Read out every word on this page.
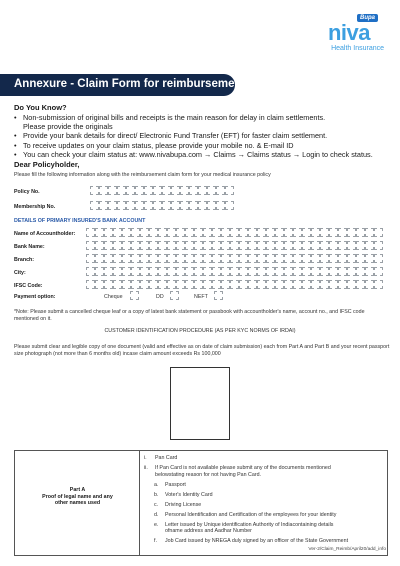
Bupa
niva
Health Insurance
Annexure - Claim Form for reimbursement
Do You Know?
• Non-submission of original bills and receipts is the main reason for delay in claim settlements.
Please provide the originals
• Provide your bank details for direct/ Electronic Fund Transfer (EFT) for faster claim settlement.
• To receive updates on your claim status, please provide your mobile no. & E-mail ID
• You can check your claim status at: www.nivabupa.com → Claims → Claims status → Login to check status.
Dear Policyholder,
Please fill the following information along with the reimbursement claim form for your medical insurance policy
Policy No.
Membership No.
DETAILS OF PRIMARY INSURED'S BANK ACCOUNT
Name of Accountholder:
Bank Name:
Branch:
City:
IFSC Code:
Payment option:	Cheque	DD	NEFT
*Note: Please submit a cancelled cheque leaf or a copy of latest bank statement or passbook with accountholder's name, account no., and IFSC code mentioned on it.
CUSTOMER IDENTIFICATION PROCEDURE (AS PER KYC NORMS OF IRDAI)
Please submit clear and legible copy of one document (valid and effective as on date of claim submission) each from Part A and Part B and your recent passport size photograph (not more than 6 months old) incase claim amount exceeds Rs 100,000
Part A
Proof of legal name and any
other names used
i. Pan Card
ii. If Pan Card is not available please submit any of the documents mentioned
belowstating reason for not having Pan Card.
a. Passport
b. Voter's Identity Card
c. Driving License
d. Personal Identification and Certification of the employees for your identity
e. Letter issued by Unique identification Authority of Indiacontaining details
ofname address and Aadhar Number
f. Job Card issued by NREGA duly signed by an officer of the State Government
Ver-2/Claim_Reimb/April20/add_info
